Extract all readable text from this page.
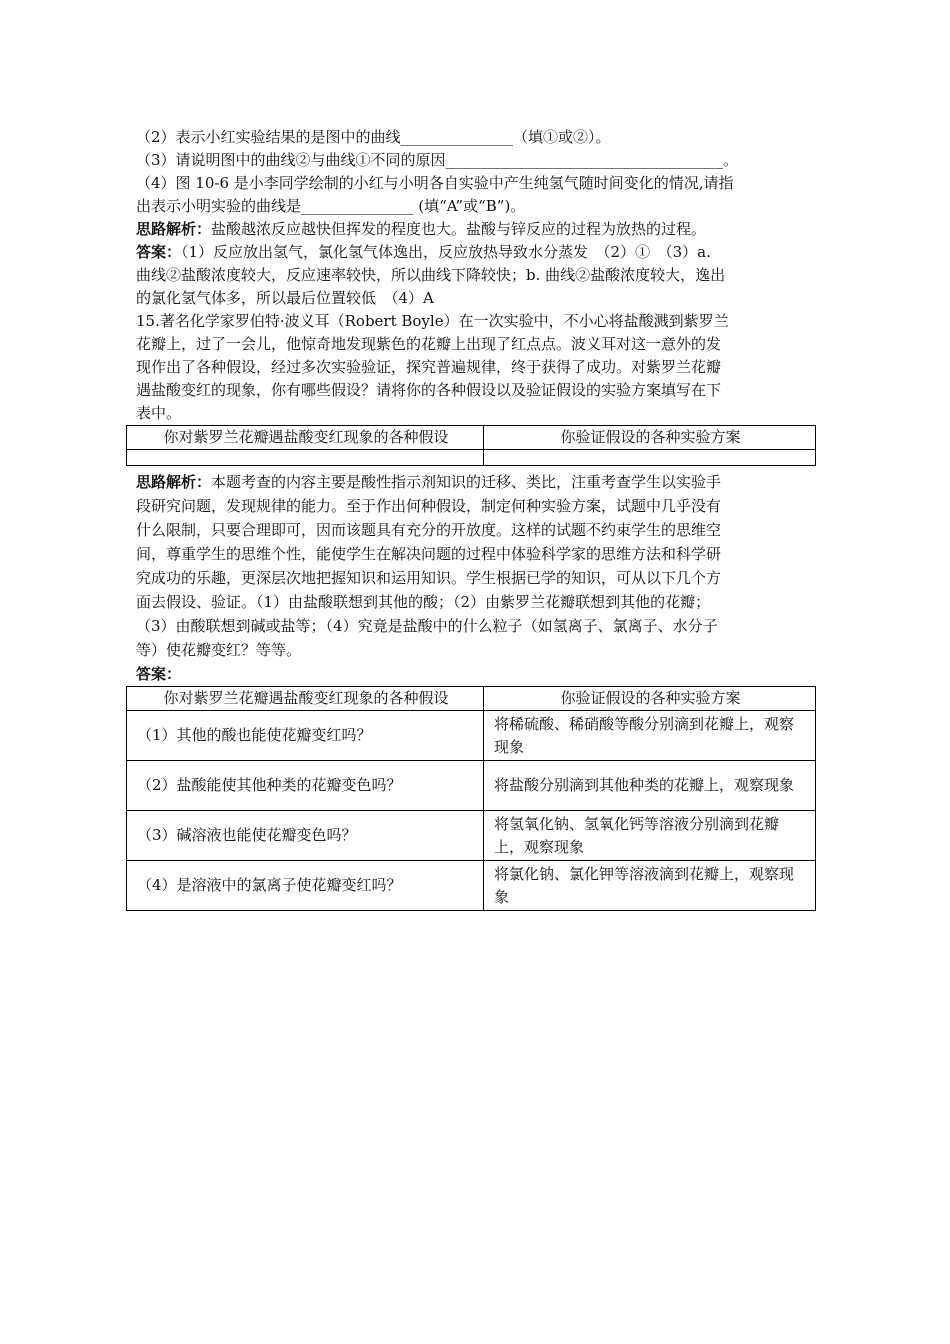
（2）表示小红实验结果的是图中的曲线_______________（填①或②）。

（3）请说明图中的曲线②与曲线①不同的原因_____________________________________。

（4）图 10-6 是小李同学绘制的小红与小明各自实验中产生纯氢气随时间变化的情况,请指

出表示小明实验的曲线是_______________ (填“A”或“B”)。

思路解析：盐酸越浓反应越快但挥发的程度也大。盐酸与锌反应的过程为放热的过程。

答案：（1）反应放出氢气，氯化氢气体逸出，反应放热导致水分蒸发　（2）①　（3）a.

曲线②盐酸浓度较大，反应速率较快，所以曲线下降较快；b. 曲线②盐酸浓度较大，逸出

的氯化氢气体多，所以最后位置较低　（4）A

15.著名化学家罗伯特·波义耳（Robert Boyle）在一次实验中，不小心将盐酸溅到紫罗兰

花瓣上，过了一会儿，他惊奇地发现紫色的花瓣上出现了红点点。波义耳对这一意外的发

现作出了各种假设，经过多次实验验证，探究普遍规律，终于获得了成功。对紫罗兰花瓣

遇盐酸变红的现象，你有哪些假设？请将你的各种假设以及验证假设的实验方案填写在下

表中。

你对紫罗兰花瓣遇盐酸变红现象的各种假设	你验证假设的各种实验方案

思路解析：本题考查的内容主要是酸性指示剂知识的迁移、类比，注重考查学生以实验手

段研究问题，发现规律的能力。至于作出何种假设，制定何种实验方案，试题中几乎没有

什么限制，只要合理即可，因而该题具有充分的开放度。这样的试题不约束学生的思维空

间，尊重学生的思维个性，能使学生在解决问题的过程中体验科学家的思维方法和科学研

究成功的乐趣，更深层次地把握知识和运用知识。学生根据已学的知识，可从以下几个方

面去假设、验证。（1）由盐酸联想到其他的酸；（2）由紫罗兰花瓣联想到其他的花瓣；

（3）由酸联想到碱或盐等；（4）究竟是盐酸中的什么粒子（如氢离子、氯离子、水分子

等）使花瓣变红？等等。

答案：

你对紫罗兰花瓣遇盐酸变红现象的各种假设	你验证假设的各种实验方案
（1）其他的酸也能使花瓣变红吗？	将稀硫酸、稀硝酸等酸分别滴到花瓣上，观察现象
（2）盐酸能使其他种类的花瓣变色吗？	将盐酸分别滴到其他种类的花瓣上，观察现象
（3）碱溶液也能使花瓣变色吗？	将氢氧化钠、氢氧化钙等溶液分别滴到花瓣上，观察现象
（4）是溶液中的氯离子使花瓣变红吗？	将氯化钠、氯化钾等溶液滴到花瓣上，观察现象
